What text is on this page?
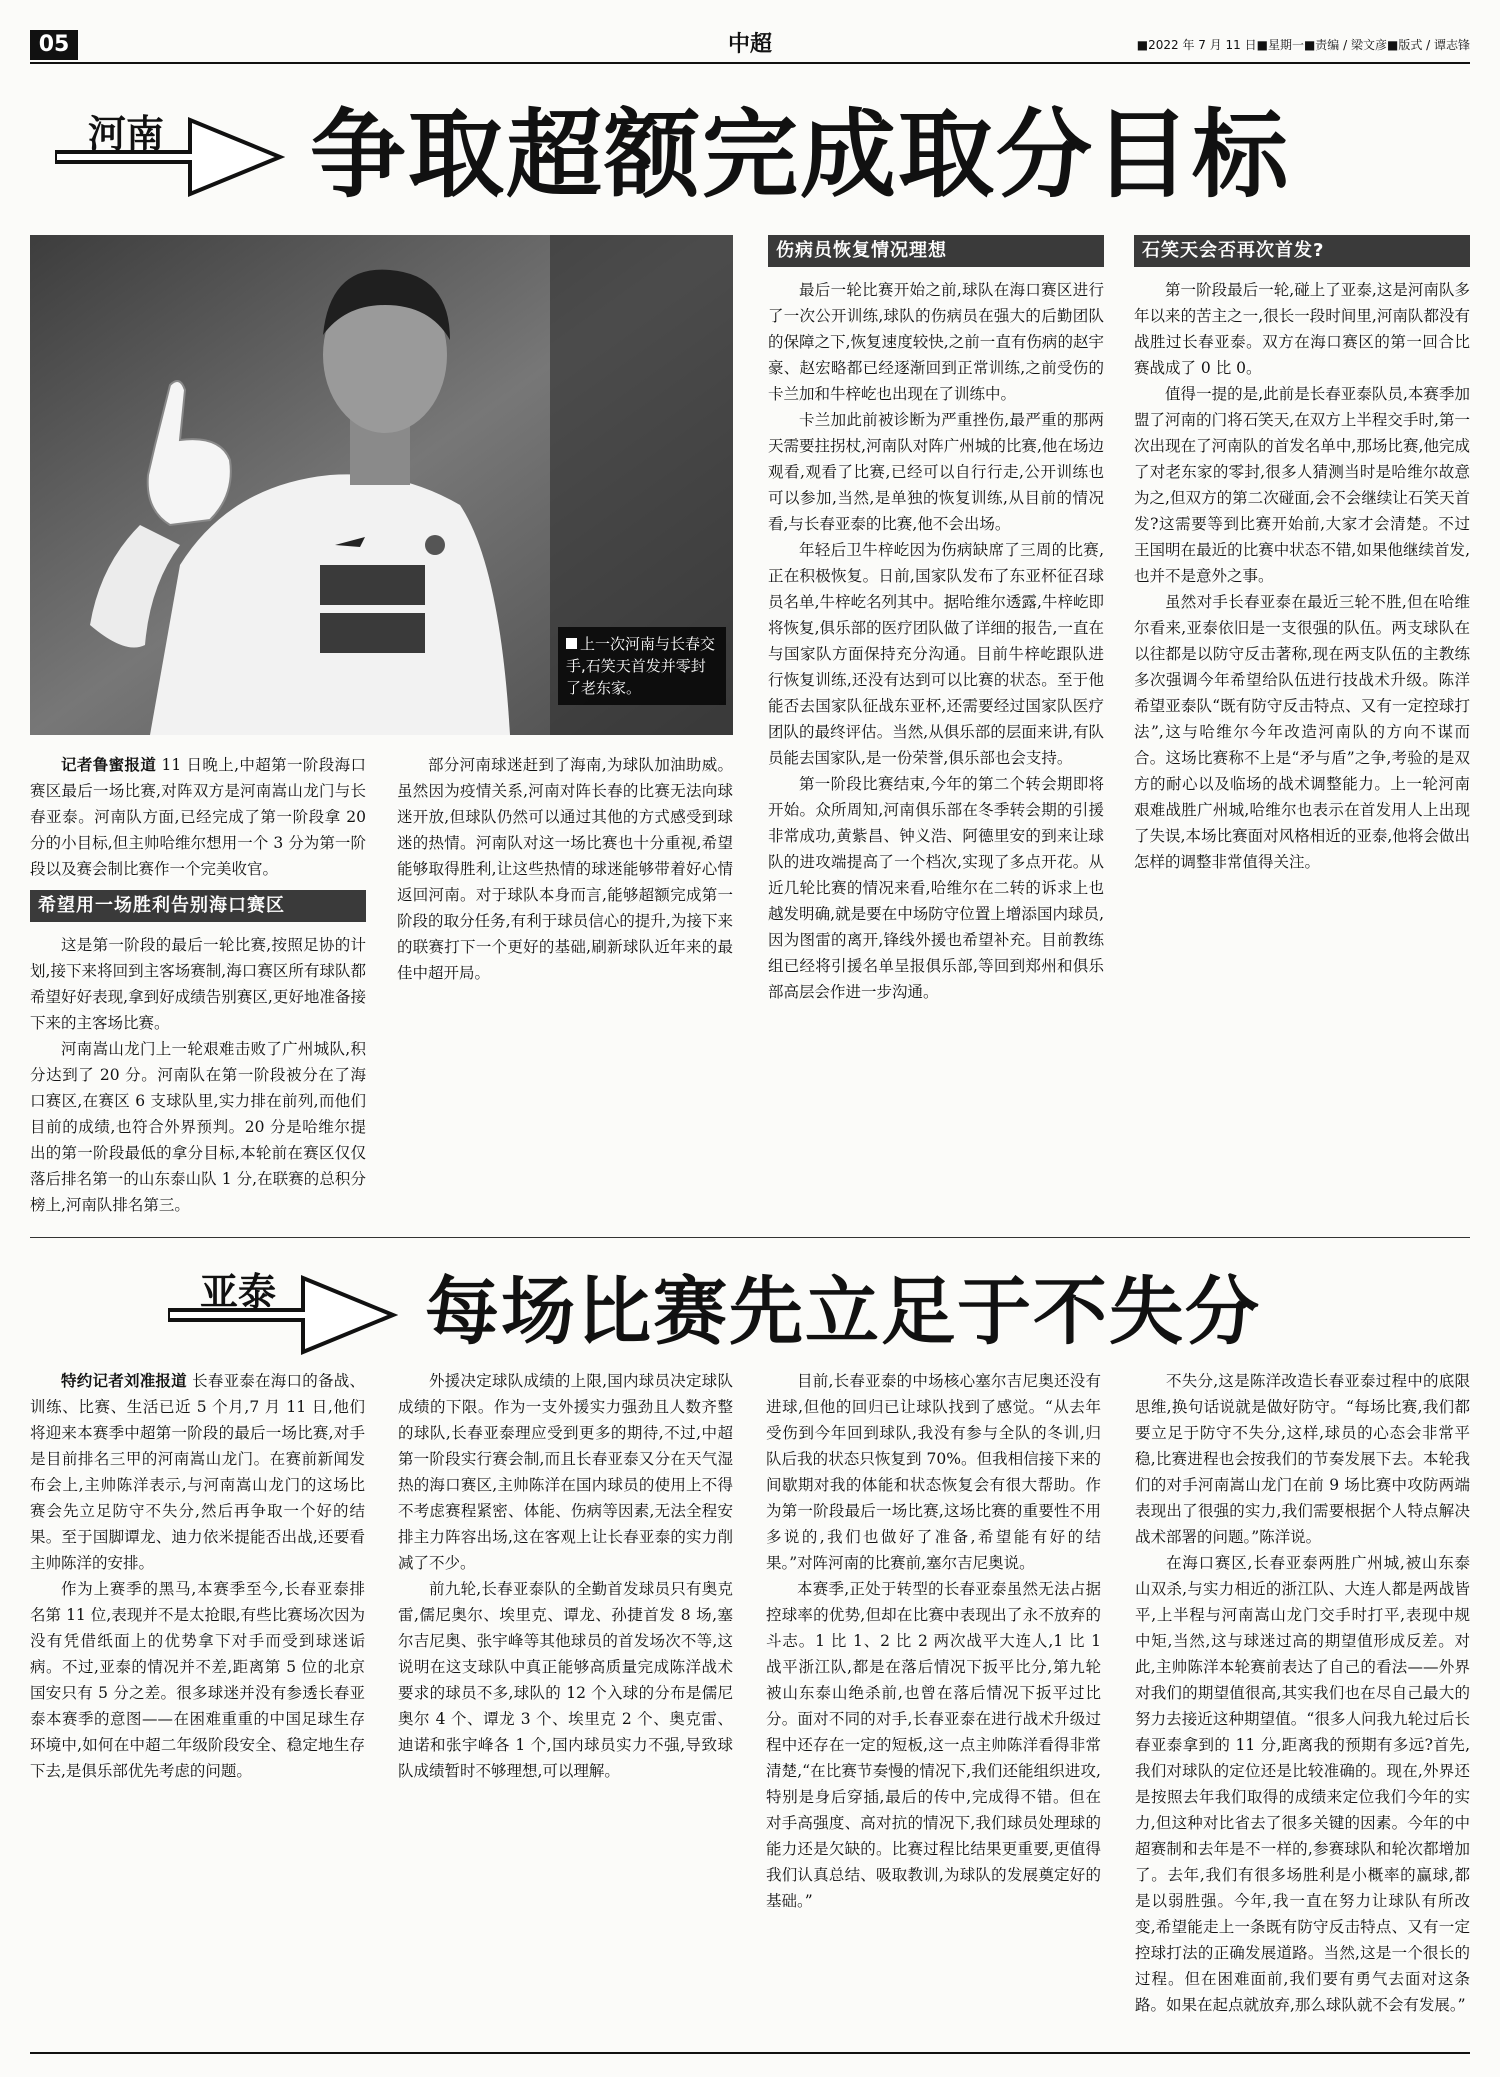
05	中超	■2022 年 7 月 11 日■星期一■责编 / 梁文彦■版式 / 谭志锋
河南 争取超额完成取分目标
上一次河南与长春交手,石笑天首发并零封了老东家。

记者鲁蜜报道 11 日晚上,中超第一阶段海口赛区最后一场比赛,对阵双方是河南嵩山龙门与长春亚泰。河南队方面,已经完成了第一阶段拿 20 分的小目标,但主帅哈维尔想用一个 3 分为第一阶段以及赛会制比赛作一个完美收官。

希望用一场胜利告别海口赛区

这是第一阶段的最后一轮比赛,按照足协的计划,接下来将回到主客场赛制,海口赛区所有球队都希望好好表现,拿到好成绩告别赛区,更好地准备接下来的主客场比赛。

河南嵩山龙门上一轮艰难击败了广州城队,积分达到了 20 分。河南队在第一阶段被分在了海口赛区,在赛区 6 支球队里,实力排在前列,而他们目前的成绩,也符合外界预判。20 分是哈维尔提出的第一阶段最低的拿分目标,本轮前在赛区仅仅落后排名第一的山东泰山队 1 分,在联赛的总积分榜上,河南队排名第三。

部分河南球迷赶到了海南,为球队加油助威。虽然因为疫情关系,河南对阵长春的比赛无法向球迷开放,但球队仍然可以通过其他的方式感受到球迷的热情。河南队对这一场比赛也十分重视,希望能够取得胜利,让这些热情的球迷能够带着好心情返回河南。对于球队本身而言,能够超额完成第一阶段的取分任务,有利于球员信心的提升,为接下来的联赛打下一个更好的基础,刷新球队近年来的最佳中超开局。

伤病员恢复情况理想

最后一轮比赛开始之前,球队在海口赛区进行了一次公开训练,球队的伤病员在强大的后勤团队的保障之下,恢复速度较快,之前一直有伤病的赵宇豪、赵宏略都已经逐渐回到正常训练,之前受伤的卡兰加和牛梓屹也出现在了训练中。

卡兰加此前被诊断为严重挫伤,最严重的那两天需要拄拐杖,河南队对阵广州城的比赛,他在场边观看,观看了比赛,已经可以自行行走,公开训练也可以参加,当然,是单独的恢复训练,从目前的情况看,与长春亚泰的比赛,他不会出场。

年轻后卫牛梓屹因为伤病缺席了三周的比赛,正在积极恢复。日前,国家队发布了东亚杯征召球员名单,牛梓屹名列其中。据哈维尔透露,牛梓屹即将恢复,俱乐部的医疗团队做了详细的报告,一直在与国家队方面保持充分沟通。目前牛梓屹跟队进行恢复训练,还没有达到可以比赛的状态。至于他能否去国家队征战东亚杯,还需要经过国家队医疗团队的最终评估。当然,从俱乐部的层面来讲,有队员能去国家队,是一份荣誉,俱乐部也会支持。

第一阶段比赛结束,今年的第二个转会期即将开始。众所周知,河南俱乐部在冬季转会期的引援非常成功,黄紫昌、钟义浩、阿德里安的到来让球队的进攻端提高了一个档次,实现了多点开花。从近几轮比赛的情况来看,哈维尔在二转的诉求上也越发明确,就是要在中场防守位置上增添国内球员,因为图雷的离开,锋线外援也希望补充。目前教练组已经将引援名单呈报俱乐部,等回到郑州和俱乐部高层会作进一步沟通。

石笑天会否再次首发?

第一阶段最后一轮,碰上了亚泰,这是河南队多年以来的苦主之一,很长一段时间里,河南队都没有战胜过长春亚泰。双方在海口赛区的第一回合比赛战成了 0 比 0。

值得一提的是,此前是长春亚泰队员,本赛季加盟了河南的门将石笑天,在双方上半程交手时,第一次出现在了河南队的首发名单中,那场比赛,他完成了对老东家的零封,很多人猜测当时是哈维尔故意为之,但双方的第二次碰面,会不会继续让石笑天首发?这需要等到比赛开始前,大家才会清楚。不过王国明在最近的比赛中状态不错,如果他继续首发,也并不是意外之事。

虽然对手长春亚泰在最近三轮不胜,但在哈维尔看来,亚泰依旧是一支很强的队伍。两支球队在以往都是以防守反击著称,现在两支队伍的主教练多次强调今年希望给队伍进行技战术升级。陈洋希望亚泰队“既有防守反击特点、又有一定控球打法”,这与哈维尔今年改造河南队的方向不谋而合。这场比赛称不上是“矛与盾”之争,考验的是双方的耐心以及临场的战术调整能力。上一轮河南艰难战胜广州城,哈维尔也表示在首发用人上出现了失误,本场比赛面对风格相近的亚泰,他将会做出怎样的调整非常值得关注。

亚泰 每场比赛先立足于不失分

特约记者刘准报道 长春亚泰在海口的备战、训练、比赛、生活已近 5 个月,7 月 11 日,他们将迎来本赛季中超第一阶段的最后一场比赛,对手是目前排名三甲的河南嵩山龙门。在赛前新闻发布会上,主帅陈洋表示,与河南嵩山龙门的这场比赛会先立足防守不失分,然后再争取一个好的结果。至于国脚谭龙、迪力依米提能否出战,还要看主帅陈洋的安排。

作为上赛季的黑马,本赛季至今,长春亚泰排名第 11 位,表现并不是太抢眼,有些比赛场次因为没有凭借纸面上的优势拿下对手而受到球迷诟病。不过,亚泰的情况并不差,距离第 5 位的北京国安只有 5 分之差。很多球迷并没有参透长春亚泰本赛季的意图——在困难重重的中国足球生存环境中,如何在中超二年级阶段安全、稳定地生存下去,是俱乐部优先考虑的问题。

外援决定球队成绩的上限,国内球员决定球队成绩的下限。作为一支外援实力强劲且人数齐整的球队,长春亚泰理应受到更多的期待,不过,中超第一阶段实行赛会制,而且长春亚泰又分在天气湿热的海口赛区,主帅陈洋在国内球员的使用上不得不考虑赛程紧密、体能、伤病等因素,无法全程安排主力阵容出场,这在客观上让长春亚泰的实力削减了不少。

前九轮,长春亚泰队的全勤首发球员只有奥克雷,儒尼奥尔、埃里克、谭龙、孙捷首发 8 场,塞尔吉尼奥、张宇峰等其他球员的首发场次不等,这说明在这支球队中真正能够高质量完成陈洋战术要求的球员不多,球队的 12 个入球的分布是儒尼奥尔 4 个、谭龙 3 个、埃里克 2 个、奥克雷、迪诺和张宇峰各 1 个,国内球员实力不强,导致球队成绩暂时不够理想,可以理解。

目前,长春亚泰的中场核心塞尔吉尼奥还没有进球,但他的回归已让球队找到了感觉。“从去年受伤到今年回到球队,我没有参与全队的冬训,归队后我的状态只恢复到 70%。但我相信接下来的间歇期对我的体能和状态恢复会有很大帮助。作为第一阶段最后一场比赛,这场比赛的重要性不用多说的,我们也做好了准备,希望能有好的结果。”对阵河南的比赛前,塞尔吉尼奥说。

本赛季,正处于转型的长春亚泰虽然无法占据控球率的优势,但却在比赛中表现出了永不放弃的斗志。1 比 1、2 比 2 两次战平大连人,1 比 1 战平浙江队,都是在落后情况下扳平比分,第九轮被山东泰山绝杀前,也曾在落后情况下扳平过比分。面对不同的对手,长春亚泰在进行战术升级过程中还存在一定的短板,这一点主帅陈洋看得非常清楚,“在比赛节奏慢的情况下,我们还能组织进攻,特别是身后穿插,最后的传中,完成得不错。但在对手高强度、高对抗的情况下,我们球员处理球的能力还是欠缺的。比赛过程比结果更重要,更值得我们认真总结、吸取教训,为球队的发展奠定好的基础。”

不失分,这是陈洋改造长春亚泰过程中的底限思维,换句话说就是做好防守。“每场比赛,我们都要立足于防守不失分,这样,球员的心态会非常平稳,比赛进程也会按我们的节奏发展下去。本轮我们的对手河南嵩山龙门在前 9 场比赛中攻防两端表现出了很强的实力,我们需要根据个人特点解决战术部署的问题。”陈洋说。

在海口赛区,长春亚泰两胜广州城,被山东泰山双杀,与实力相近的浙江队、大连人都是两战皆平,上半程与河南嵩山龙门交手时打平,表现中规中矩,当然,这与球迷过高的期望值形成反差。对此,主帅陈洋本轮赛前表达了自己的看法——外界对我们的期望值很高,其实我们也在尽自己最大的努力去接近这种期望值。“很多人问我九轮过后长春亚泰拿到的 11 分,距离我的预期有多远?首先,我们对球队的定位还是比较准确的。现在,外界还是按照去年我们取得的成绩来定位我们今年的实力,但这种对比省去了很多关键的因素。今年的中超赛制和去年是不一样的,参赛球队和轮次都增加了。去年,我们有很多场胜利是小概率的赢球,都是以弱胜强。今年,我一直在努力让球队有所改变,希望能走上一条既有防守反击特点、又有一定控球打法的正确发展道路。当然,这是一个很长的过程。但在困难面前,我们要有勇气去面对这条路。如果在起点就放弃,那么球队就不会有发展。”
